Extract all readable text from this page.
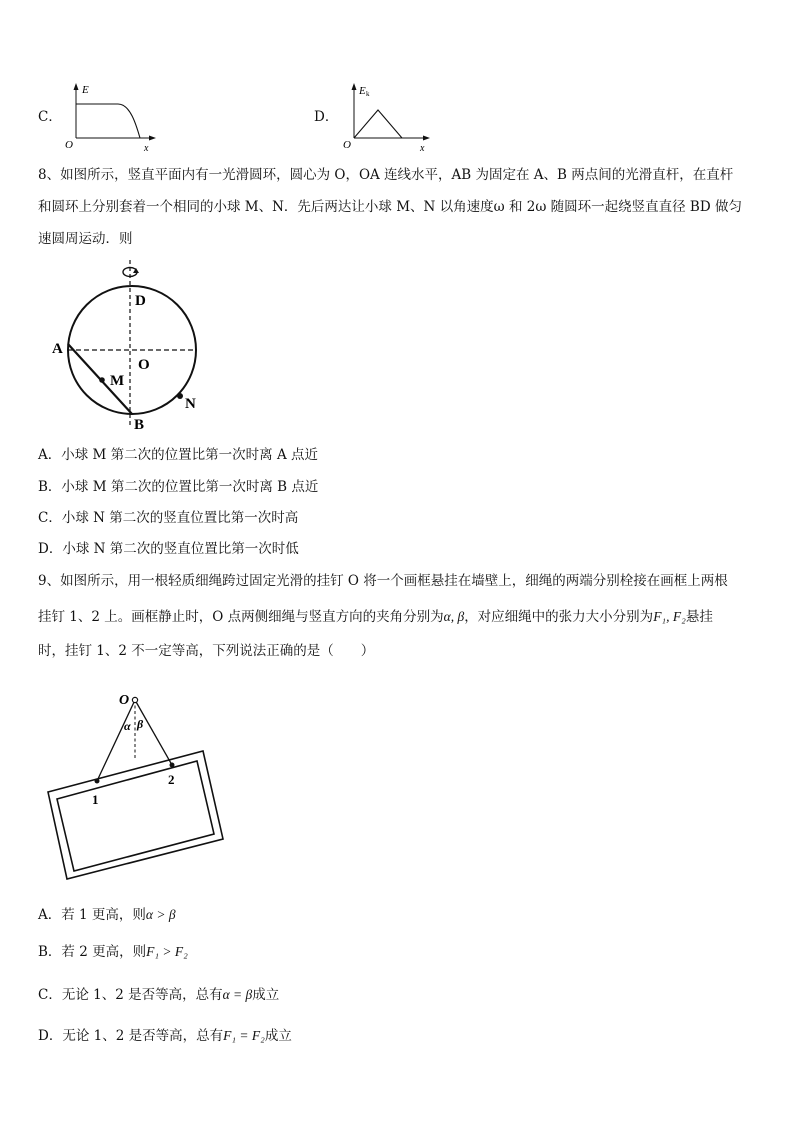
C．
E
O	x
D．
E k
O	x
8、如图所示，竖直平面内有一光滑圆环，圆心为 O，OA 连线水平，AB 为固定在 A、B 两点间的光滑直杆，在直杆
和圆环上分别套着一个相同的小球 M、N．先后两达让小球 M、N 以角速度ω 和 2ω 随圆环一起绕竖直直径 BD 做匀
速圆周运动．则
D
A
O
M
N
B
A．小球 M 第二次的位置比第一次时离 A 点近
B．小球 M 第二次的位置比第一次时离 B 点近
C．小球 N 第二次的竖直位置比第一次时高
D．小球 N 第二次的竖直位置比第一次时低
9、如图所示，用一根轻质细绳跨过固定光滑的挂钉 O 将一个画框悬挂在墙壁上，细绳的两端分别栓接在画框上两根
挂钉 1、2 上。画框静止时，O 点两侧细绳与竖直方向的夹角分别为α, β，对应细绳中的张力大小分别为F₁, F₂悬挂
时，挂钉 1、2 不一定等高，下列说法正确的是（　　）
O
α β
1
2
A．若 1 更高，则α > β
B．若 2 更高，则F₁ > F₂
C．无论 1、2 是否等高，总有α = β成立
D．无论 1、2 是否等高，总有F₁ = F₂成立
